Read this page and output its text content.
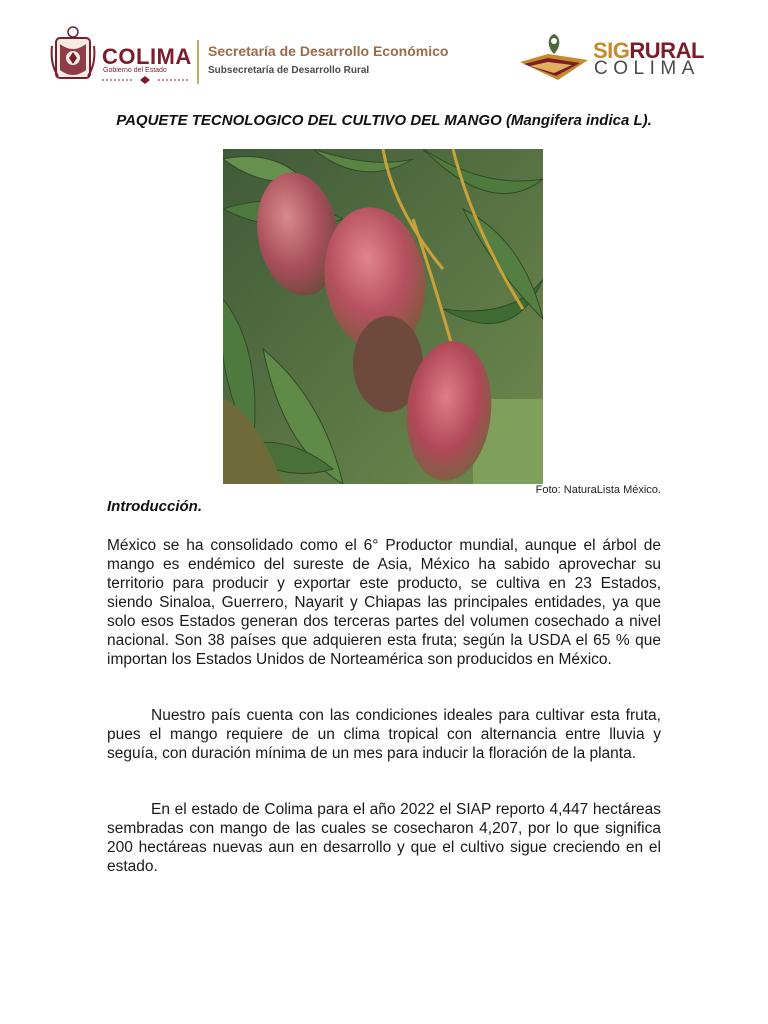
COLIMA
Gobierno del Estado
Secretaría de Desarrollo Económico
Subsecretaría de Desarrollo Rural
SIGRURAL
COLIMA
PAQUETE TECNOLOGICO DEL CULTIVO DEL MANGO (Mangifera indica L).
Foto: NaturaLista México.
Introducción.

México se ha consolidado como el 6° Productor mundial, aunque el árbol de mango es endémico del sureste de Asia, México ha sabido aprovechar su territorio para producir y exportar este producto, se cultiva en 23 Estados, siendo Sinaloa, Guerrero, Nayarit y Chiapas las principales entidades, ya que solo esos Estados generan dos terceras partes del volumen cosechado a nivel nacional. Son 38 países que adquieren esta fruta; según la USDA el 65 % que importan los Estados Unidos de Norteamérica son producidos en México.

Nuestro país cuenta con las condiciones ideales para cultivar esta fruta, pues el mango requiere de un clima tropical con alternancia entre lluvia y seguía, con duración mínima de un mes para inducir la floración de la planta.

En el estado de Colima para el año 2022 el SIAP reporto 4,447 hectáreas sembradas con mango de las cuales se cosecharon 4,207, por lo que significa 200 hectáreas nuevas aun en desarrollo y que el cultivo sigue creciendo en el estado.
